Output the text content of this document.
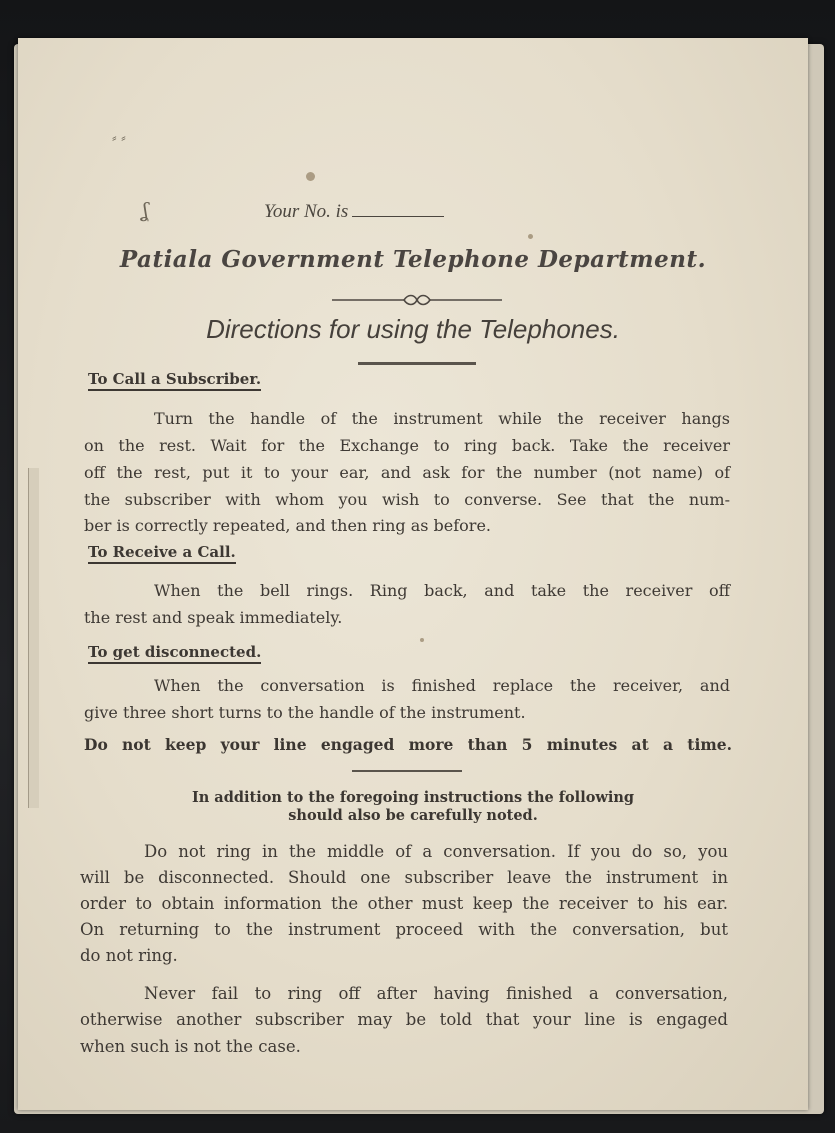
ʆ
⸗ ⸗
Your No. is
Patiala Government Telephone Department.
Directions for using the Telephones.
To Call a Subscriber.
Turn the handle of the instrument while the receiver hangs
on the rest. Wait for the Exchange to ring back. Take the receiver
off the rest, put it to your ear, and ask for the number (not name) of
the subscriber with whom you wish to converse. See that the num-
ber is correctly repeated, and then ring as before.
To Receive a Call.
When the bell rings. Ring back, and take the receiver off
the rest and speak immediately.
To get disconnected.
When the conversation is finished replace the receiver, and
give three short turns to the handle of the instrument.
Do not keep your line engaged more than 5 minutes at a time.
In addition to the foregoing instructions the following
should also be carefully noted.
Do not ring in the middle of a conversation. If you do so, you
will be disconnected. Should one subscriber leave the instrument in
order to obtain information the other must keep the receiver to his ear.
On returning to the instrument proceed with the conversation, but
do not ring.
Never fail to ring off after having finished a conversation,
otherwise another subscriber may be told that your line is engaged
when such is not the case.
